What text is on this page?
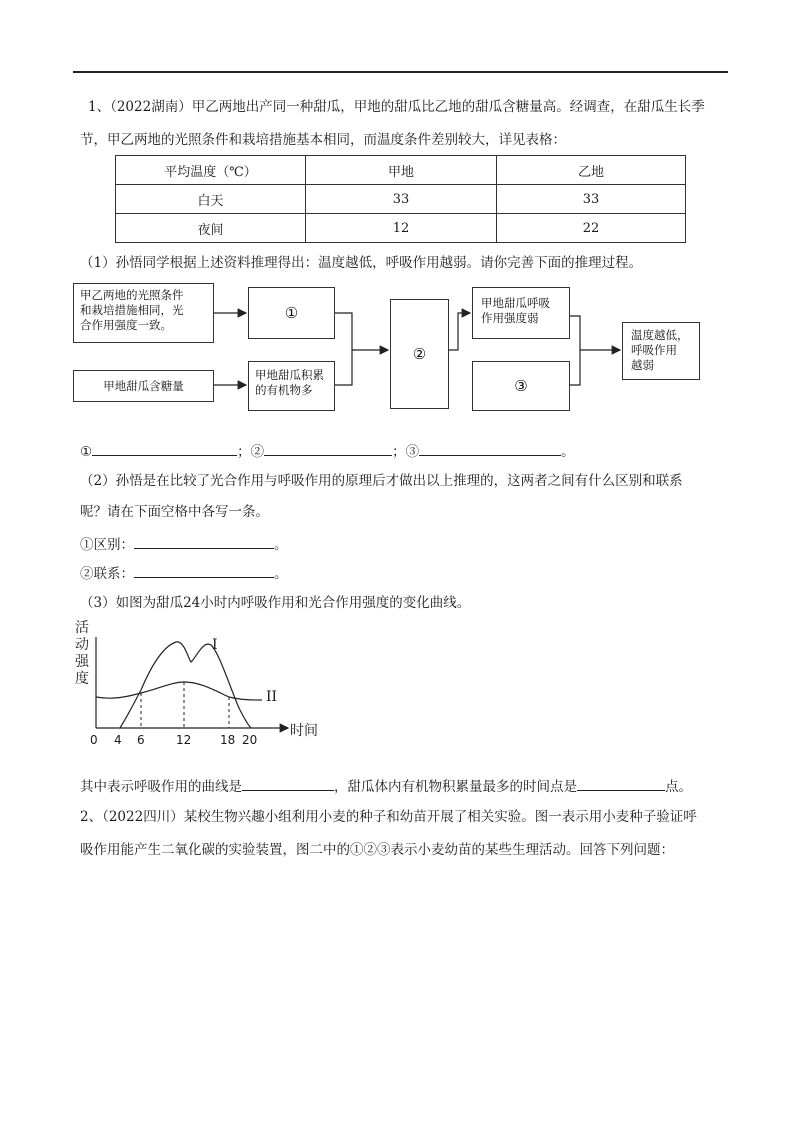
1、（2022湖南）甲乙两地出产同一种甜瓜，甲地的甜瓜比乙地的甜瓜含糖量高。经调查，在甜瓜生长季
节，甲乙两地的光照条件和栽培措施基本相同，而温度条件差别较大，详见表格：
平均温度（℃）	甲地	乙地
白天	33	33
夜间	12	22
（1）孙悟同学根据上述资料推理得出：温度越低，呼吸作用越弱。请你完善下面的推理过程。
甲乙两地的光照条件
和栽培措施相同，光
合作用强度一致。
甲地甜瓜含糖量
①
甲地甜瓜积累
的有机物多
②
甲地甜瓜呼吸
作用强度弱
③
温度越低，
呼吸作用
越弱
①	；②	；③	。
（2）孙悟是在比较了光合作用与呼吸作用的原理后才做出以上推理的，这两者之间有什么区别和联系
呢？请在下面空格中各写一条。
①区别：	。
②联系：	。
（3）如图为甜瓜24小时内呼吸作用和光合作用强度的变化曲线。
活
动
强
度
时间
I
II
0 4 6	12 18 20
其中表示呼吸作用的曲线是	，甜瓜体内有机物积累量最多的时间点是	点。
2、（2022四川）某校生物兴趣小组利用小麦的种子和幼苗开展了相关实验。图一表示用小麦种子验证呼
吸作用能产生二氧化碳的实验装置，图二中的①②③表示小麦幼苗的某些生理活动。回答下列问题：
